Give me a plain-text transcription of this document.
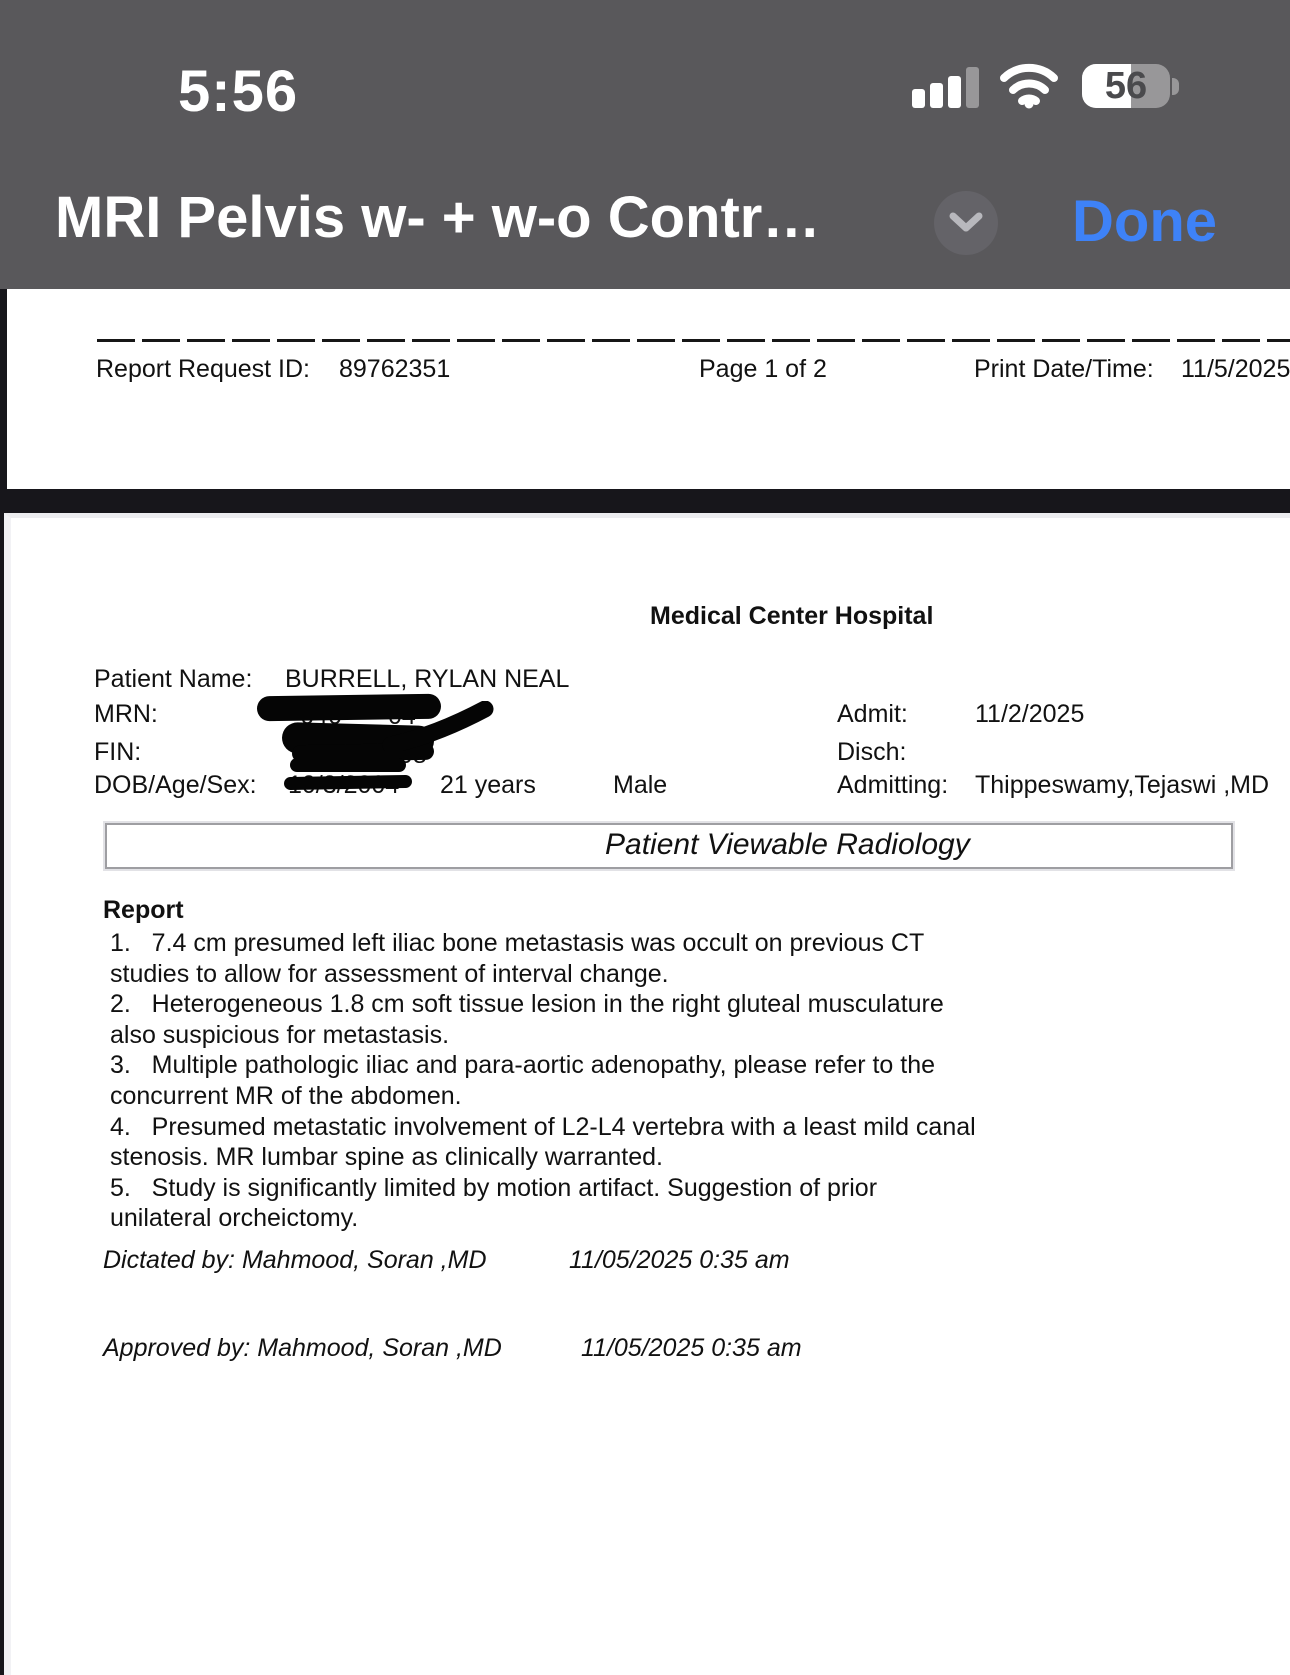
5:56	56
MRI Pelvis w- + w-o Contr…	Done
Report Request ID: 89762351	Page 1 of 2	Print Date/Time: 11/5/2025
Medical Center Hospital
Patient Name: BURRELL, RYLAN NEAL
MRN:
FIN:
DOB/Age/Sex:	21 years	Male
Admit:	11/2/2025
Disch:
Admitting: Thippeswamy,Tejaswi ,MD
Patient Viewable Radiology
Report
1.   7.4 cm presumed left iliac bone metastasis was occult on previous CT
studies to allow for assessment of interval change.
2.   Heterogeneous 1.8 cm soft tissue lesion in the right gluteal musculature
also suspicious for metastasis.
3.   Multiple pathologic iliac and para-aortic adenopathy, please refer to the
concurrent MR of the abdomen.
4.   Presumed metastatic involvement of L2-L4 vertebra with a least mild canal
stenosis. MR lumbar spine as clinically warranted.
5.   Study is significantly limited by motion artifact. Suggestion of prior
unilateral orcheictomy.
Dictated by: Mahmood, Soran ,MD	11/05/2025 0:35 am
Approved by: Mahmood, Soran ,MD	11/05/2025 0:35 am
